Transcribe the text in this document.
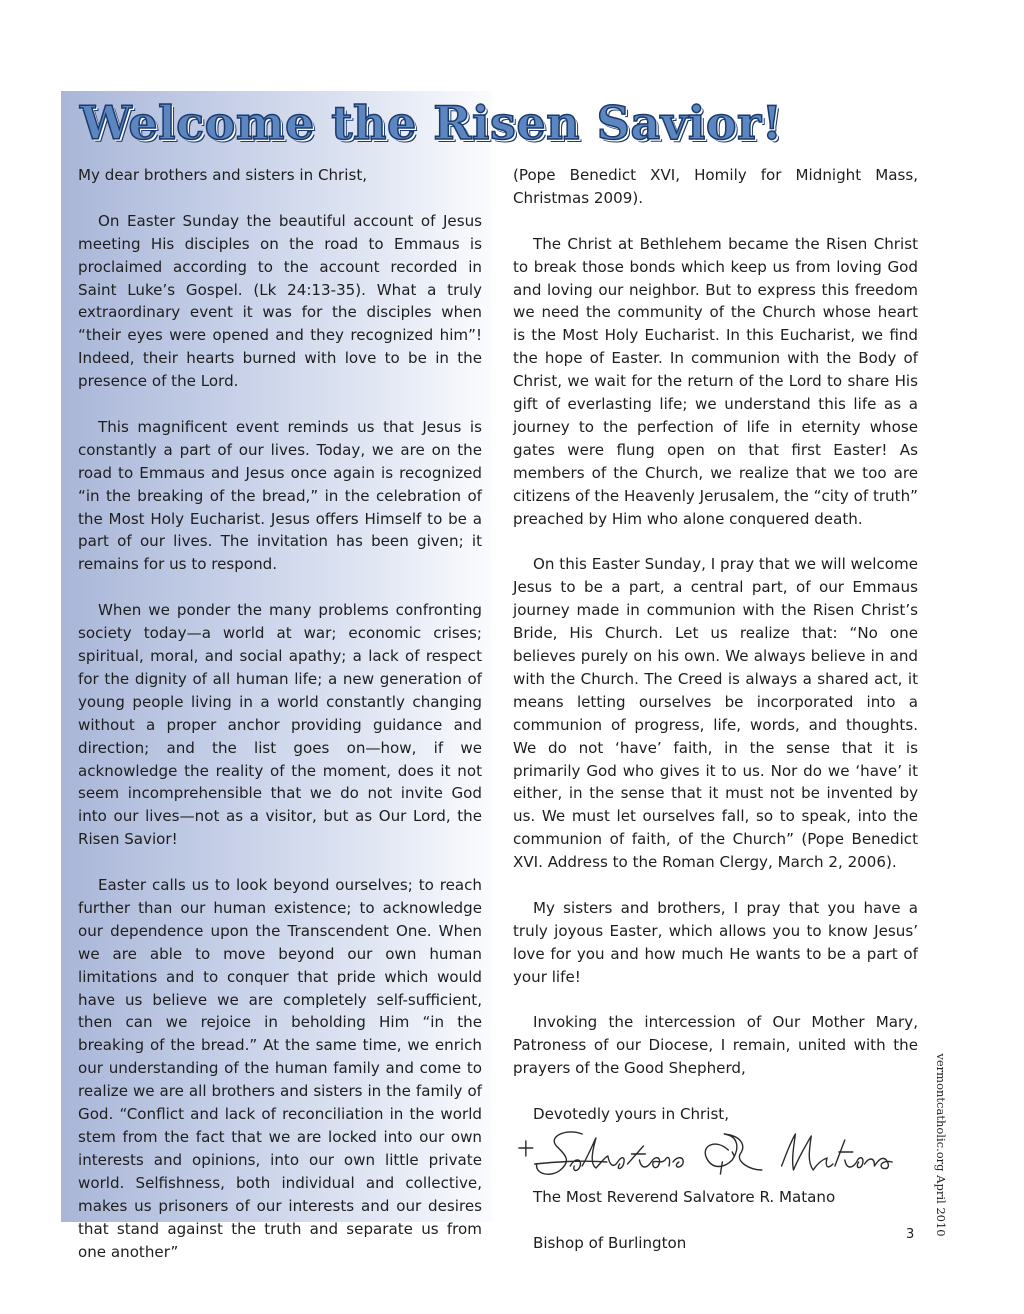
Welcome the Risen Savior!

My dear brothers and sisters in Christ,

On Easter Sunday the beautiful account of Jesus meeting His disciples on the road to Emmaus is proclaimed according to the account recorded in Saint Luke’s Gospel. (Lk 24:13-35). What a truly extraordinary event it was for the disciples when “their eyes were opened and they recognized him”! Indeed, their hearts burned with love to be in the presence of the Lord.

This magnificent event reminds us that Jesus is constantly a part of our lives. Today, we are on the road to Emmaus and Jesus once again is recognized “in the breaking of the bread,” in the celebration of the Most Holy Eucharist. Jesus offers Himself to be a part of our lives. The invitation has been given; it remains for us to respond.

When we ponder the many problems confronting society today—a world at war; economic crises; spiritual, moral, and social apathy; a lack of respect for the dignity of all human life; a new generation of young people living in a world constantly changing without a proper anchor providing guidance and direction; and the list goes on—how, if we acknowledge the reality of the moment, does it not seem incomprehensible that we do not invite God into our lives—not as a visitor, but as Our Lord, the Risen Savior!

Easter calls us to look beyond ourselves; to reach further than our human existence; to acknowledge our dependence upon the Transcendent One. When we are able to move beyond our own human limitations and to conquer that pride which would have us believe we are completely self-sufficient, then can we rejoice in beholding Him “in the breaking of the bread.” At the same time, we enrich our understanding of the human family and come to realize we are all brothers and sisters in the family of God. “Conflict and lack of reconciliation in the world stem from the fact that we are locked into our own interests and opinions, into our own little private world. Selfishness, both individual and collective, makes us prisoners of our interests and our desires that stand against the truth and separate us from one another”

(Pope Benedict XVI, Homily for Midnight Mass, Christmas 2009).

The Christ at Bethlehem became the Risen Christ to break those bonds which keep us from loving God and loving our neighbor. But to express this freedom we need the community of the Church whose heart is the Most Holy Eucharist. In this Eucharist, we find the hope of Easter. In communion with the Body of Christ, we wait for the return of the Lord to share His gift of everlasting life; we understand this life as a journey to the perfection of life in eternity whose gates were flung open on that first Easter! As members of the Church, we realize that we too are citizens of the Heavenly Jerusalem, the “city of truth” preached by Him who alone conquered death.

On this Easter Sunday, I pray that we will welcome Jesus to be a part, a central part, of our Emmaus journey made in communion with the Risen Christ’s Bride, His Church. Let us realize that: “No one believes purely on his own. We always believe in and with the Church. The Creed is always a shared act, it means letting ourselves be incorporated into a communion of progress, life, words, and thoughts. We do not ‘have’ faith, in the sense that it is primarily God who gives it to us. Nor do we ‘have’ it either, in the sense that it must not be invented by us. We must let ourselves fall, so to speak, into the communion of faith, of the Church” (Pope Benedict XVI. Address to the Roman Clergy, March 2, 2006).

My sisters and brothers, I pray that you have a truly joyous Easter, which allows you to know Jesus’ love for you and how much He wants to be a part of your life!

Invoking the intercession of Our Mother Mary, Patroness of our Diocese, I remain, united with the prayers of the Good Shepherd,

Devotedly yours in Christ,

The Most Reverend Salvatore R. Matano

Bishop of Burlington

vermontcatholic.org April 2010
3
